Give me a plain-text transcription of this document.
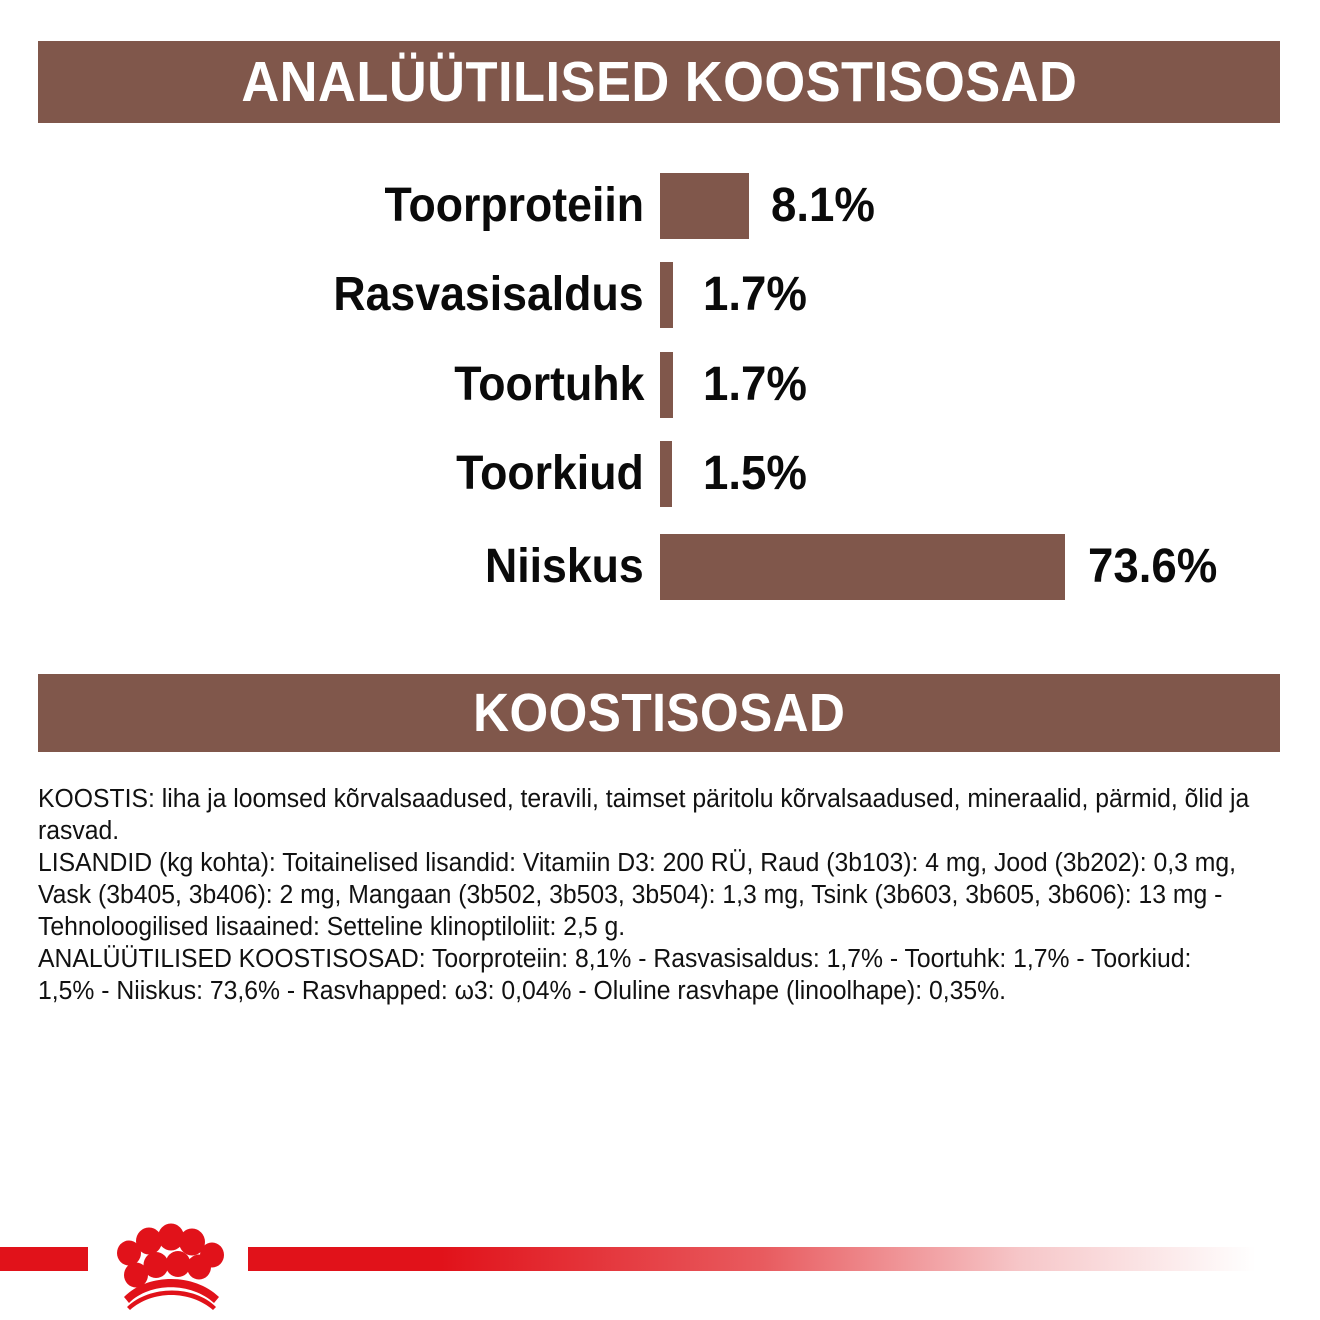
ANALÜÜTILISED KOOSTISOSAD
Toorproteiin	8.1%
Rasvasisaldus 1.7%
Toortuhk 1.7%
Toorkiud 1.5%
Niiskus	73.6%
KOOSTISOSAD

KOOSTIS: liha ja loomsed kõrvalsaadused, teravili, taimset päritolu kõrvalsaadused, mineraalid, pärmid, õlid ja rasvad.

LISANDID (kg kohta): Toitainelised lisandid: Vitamiin D3: 200 RÜ, Raud (3b103): 4 mg, Jood (3b202): 0,3 mg, Vask (3b405, 3b406): 2 mg, Mangaan (3b502, 3b503, 3b504): 1,3 mg, Tsink (3b603, 3b605, 3b606): 13 mg - Tehnoloogilised lisaained: Setteline klinoptiloliit: 2,5 g.

ANALÜÜTILISED KOOSTISOSAD: Toorproteiin: 8,1% - Rasvasisaldus: 1,7% - Toortuhk: 1,7% - Toorkiud: 1,5% - Niiskus: 73,6% - Rasvhapped: ω3: 0,04% - Oluline rasvhape (linoolhape): 0,35%.
